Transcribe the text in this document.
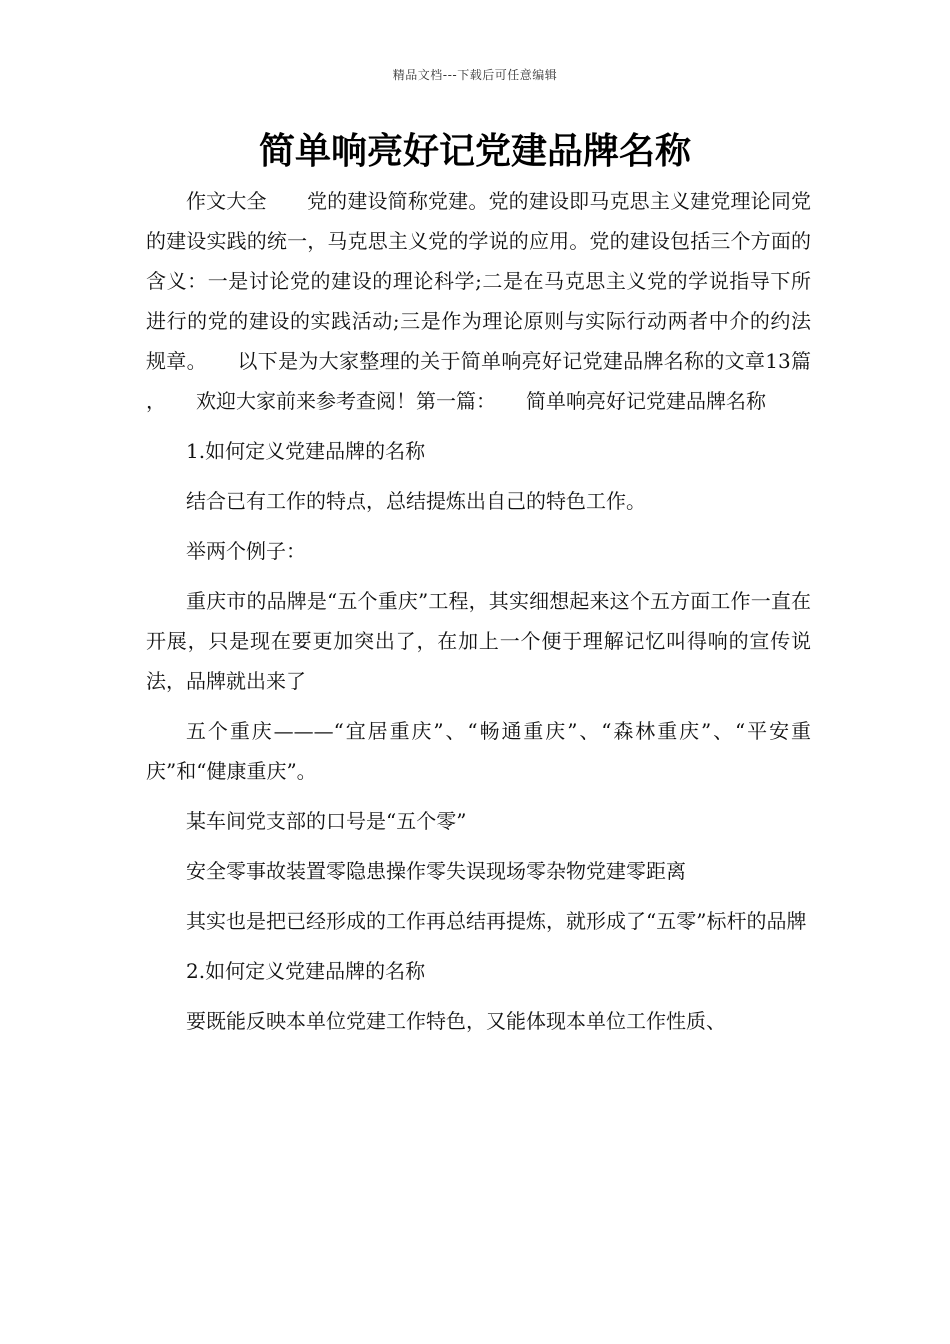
精品文档---下载后可任意编辑
简单响亮好记党建品牌名称

作文大全　　党的建设简称党建。党的建设即马克思主义建党理论同党的建设实践的统一，马克思主义党的学说的应用。党的建设包括三个方面的含义：一是讨论党的建设的理论科学;二是在马克思主义党的学说指导下所进行的党的建设的实践活动;三是作为理论原则与实际行动两者中介的约法规章。　　以下是为大家整理的关于简单响亮好记党建品牌名称的文章13篇　　，　　欢迎大家前来参考查阅！第一篇：　　简单响亮好记党建品牌名称

1.如何定义党建品牌的名称

结合已有工作的特点，总结提炼出自己的特色工作。

举两个例子：

重庆市的品牌是“五个重庆”工程，其实细想起来这个五方面工作一直在开展，只是现在要更加突出了，在加上一个便于理解记忆叫得响的宣传说法，品牌就出来了

五个重庆———“宜居重庆”、“畅通重庆”、“森林重庆”、“平安重庆”和“健康重庆”。

某车间党支部的口号是“五个零”

安全零事故装置零隐患操作零失误现场零杂物党建零距离

其实也是把已经形成的工作再总结再提炼，就形成了“五零”标杆的品牌

2.如何定义党建品牌的名称

要既能反映本单位党建工作特色，又能体现本单位工作性质、
